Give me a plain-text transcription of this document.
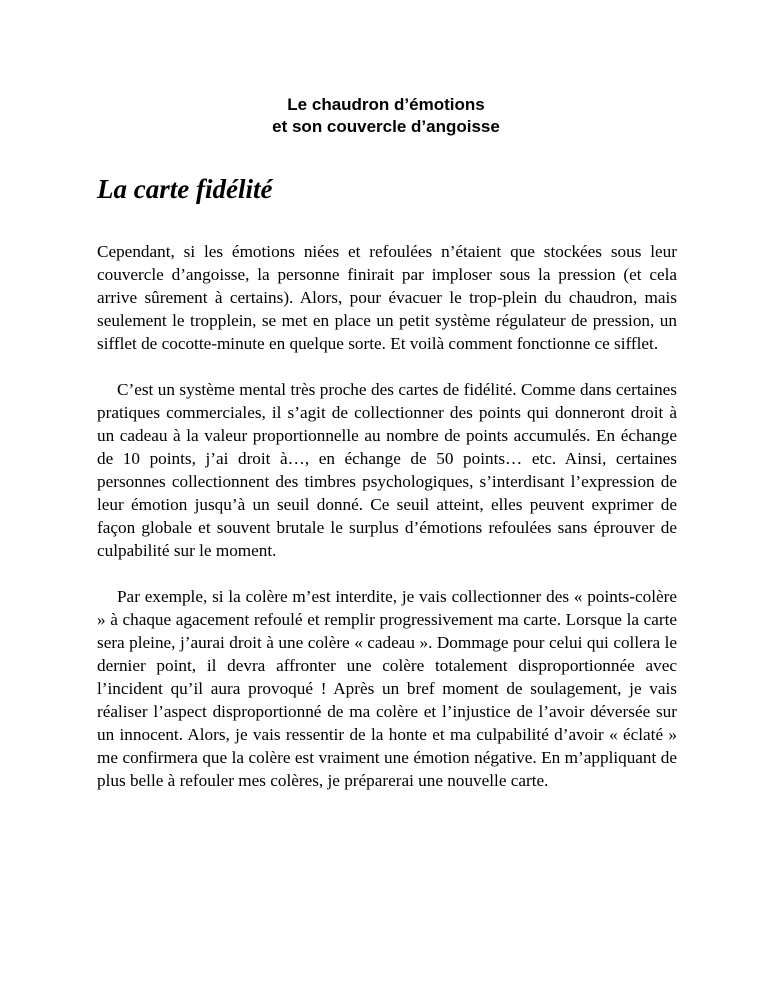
Le chaudron d’émotions
et son couvercle d’angoisse
La carte fidélité

Cependant, si les émotions niées et refoulées n’étaient que stockées sous leur couvercle d’angoisse, la personne finirait par imploser sous la pression (et cela arrive sûrement à certains). Alors, pour évacuer le trop-plein du chaudron, mais seulement le tropplein, se met en place un petit système régulateur de pression, un sifflet de cocotte-minute en quelque sorte. Et voilà comment fonctionne ce sifflet.

C’est un système mental très proche des cartes de fidélité. Comme dans certaines pratiques commerciales, il s’agit de collectionner des points qui donneront droit à un cadeau à la valeur proportionnelle au nombre de points accumulés. En échange de 10 points, j’ai droit à…, en échange de 50 points… etc. Ainsi, certaines personnes collectionnent des timbres psychologiques, s’interdisant l’expression de leur émotion jusqu’à un seuil donné. Ce seuil atteint, elles peuvent exprimer de façon globale et souvent brutale le surplus d’émotions refoulées sans éprouver de culpabilité sur le moment.

Par exemple, si la colère m’est interdite, je vais collectionner des « points-colère » à chaque agacement refoulé et remplir progressivement ma carte. Lorsque la carte sera pleine, j’aurai droit à une colère « cadeau ». Dommage pour celui qui collera le dernier point, il devra affronter une colère totalement disproportionnée avec l’incident qu’il aura provoqué ! Après un bref moment de soulagement, je vais réaliser l’aspect disproportionné de ma colère et l’injustice de l’avoir déversée sur un innocent. Alors, je vais ressentir de la honte et ma culpabilité d’avoir « éclaté » me confirmera que la colère est vraiment une émotion négative. En m’appliquant de plus belle à refouler mes colères, je préparerai une nouvelle carte.
